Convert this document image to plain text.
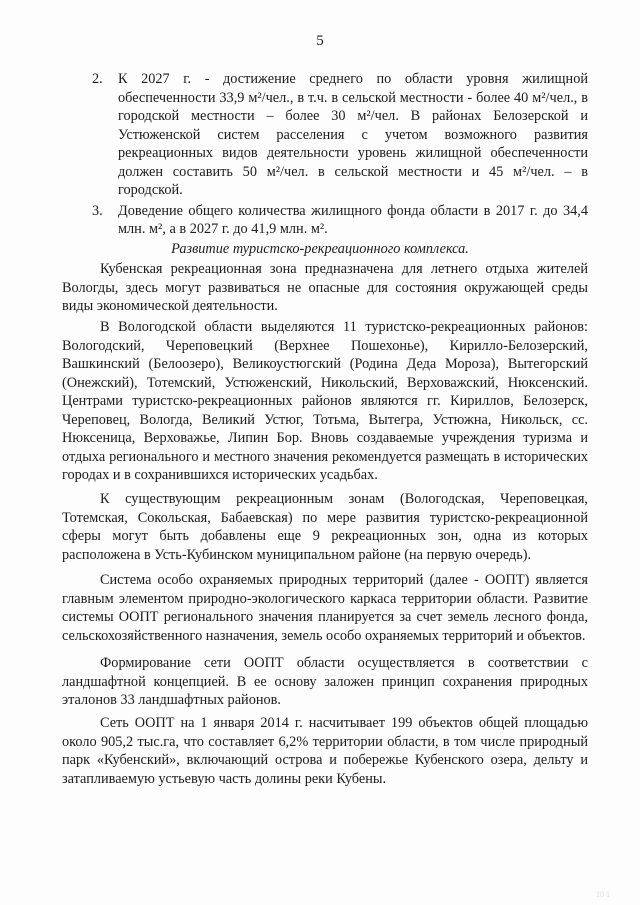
5
2. К 2027 г. - достижение среднего по области уровня жилищной обеспеченности 33,9 м²/чел., в т.ч. в сельской местности - более 40 м²/чел., в городской местности – более 30 м²/чел. В районах Белозерской и Устюженской систем расселения с учетом возможного развития рекреационных видов деятельности уровень жилищной обеспеченности должен составить 50 м²/чел. в сельской местности и 45 м²/чел. – в городской.
3. Доведение общего количества жилищного фонда области в 2017 г. до 34,4 млн. м², а в 2027 г. до 41,9 млн. м².
Развитие туристско-рекреационного комплекса.

Кубенская рекреационная зона предназначена для летнего отдыха жителей Вологды, здесь могут развиваться не опасные для состояния окружающей среды виды экономической деятельности.

В Вологодской области выделяются 11 туристско-рекреационных районов: Вологодский, Череповецкий (Верхнее Пошехонье), Кирилло-Белозерский, Вашкинский (Белоозеро), Великоустюгский (Родина Деда Мороза), Вытегорский (Онежский), Тотемский, Устюженский, Никольский, Верховажский, Нюксенский. Центрами туристско-рекреационных районов являются гг. Кириллов, Белозерск, Череповец, Вологда, Великий Устюг, Тотьма, Вытегра, Устюжна, Никольск, сс. Нюксеница, Верховажье, Липин Бор. Вновь создаваемые учреждения туризма и отдыха регионального и местного значения рекомендуется размещать в исторических городах и в сохранившихся исторических усадьбах.

К существующим рекреационным зонам (Вологодская, Череповецкая, Тотемская, Сокольская, Бабаевская) по мере развития туристско-рекреационной сферы могут быть добавлены еще 9 рекреационных зон, одна из которых расположена в Усть-Кубинском муниципальном районе (на первую очередь).

Система особо охраняемых природных территорий (далее - ООПТ) является главным элементом природно-экологического каркаса территории области. Развитие системы ООПТ регионального значения планируется за счет земель лесного фонда, сельскохозяйственного назначения, земель особо охраняемых территорий и объектов.

Формирование сети ООПТ области осуществляется в соответствии с ландшафтной концепцией. В ее основу заложен принцип сохранения природных эталонов 33 ландшафтных районов.

Сеть ООПТ на 1 января 2014 г. насчитывает 199 объектов общей площадью около 905,2 тыс.га, что составляет 6,2% территории области, в том числе природный парк «Кубенский», включающий острова и побережье Кубенского озера, дельту и затапливаемую устьевую часть долины реки Кубены.

10 1
